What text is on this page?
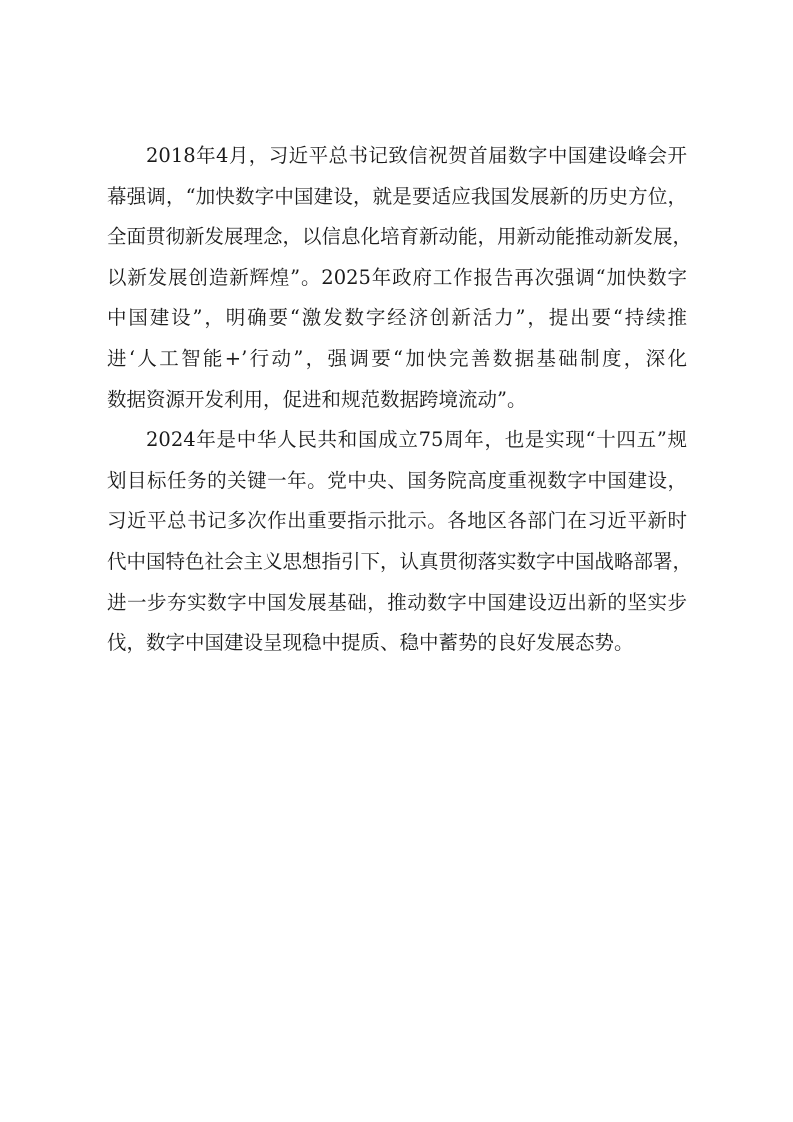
2018年4月，习近平总书记致信祝贺首届数字中国建设峰会开
幕强调，“加快数字中国建设，就是要适应我国发展新的历史方位，
全面贯彻新发展理念，以信息化培育新动能，用新动能推动新发展，
以新发展创造新辉煌”。2025年政府工作报告再次强调“加快数字
中国建设”，明确要“激发数字经济创新活力”，提出要“持续推
进‘人工智能+’行动”，强调要“加快完善数据基础制度，深化
数据资源开发利用，促进和规范数据跨境流动”。
2024年是中华人民共和国成立75周年，也是实现“十四五”规
划目标任务的关键一年。党中央、国务院高度重视数字中国建设，
习近平总书记多次作出重要指示批示。各地区各部门在习近平新时
代中国特色社会主义思想指引下，认真贯彻落实数字中国战略部署，
进一步夯实数字中国发展基础，推动数字中国建设迈出新的坚实步
伐，数字中国建设呈现稳中提质、稳中蓄势的良好发展态势。
